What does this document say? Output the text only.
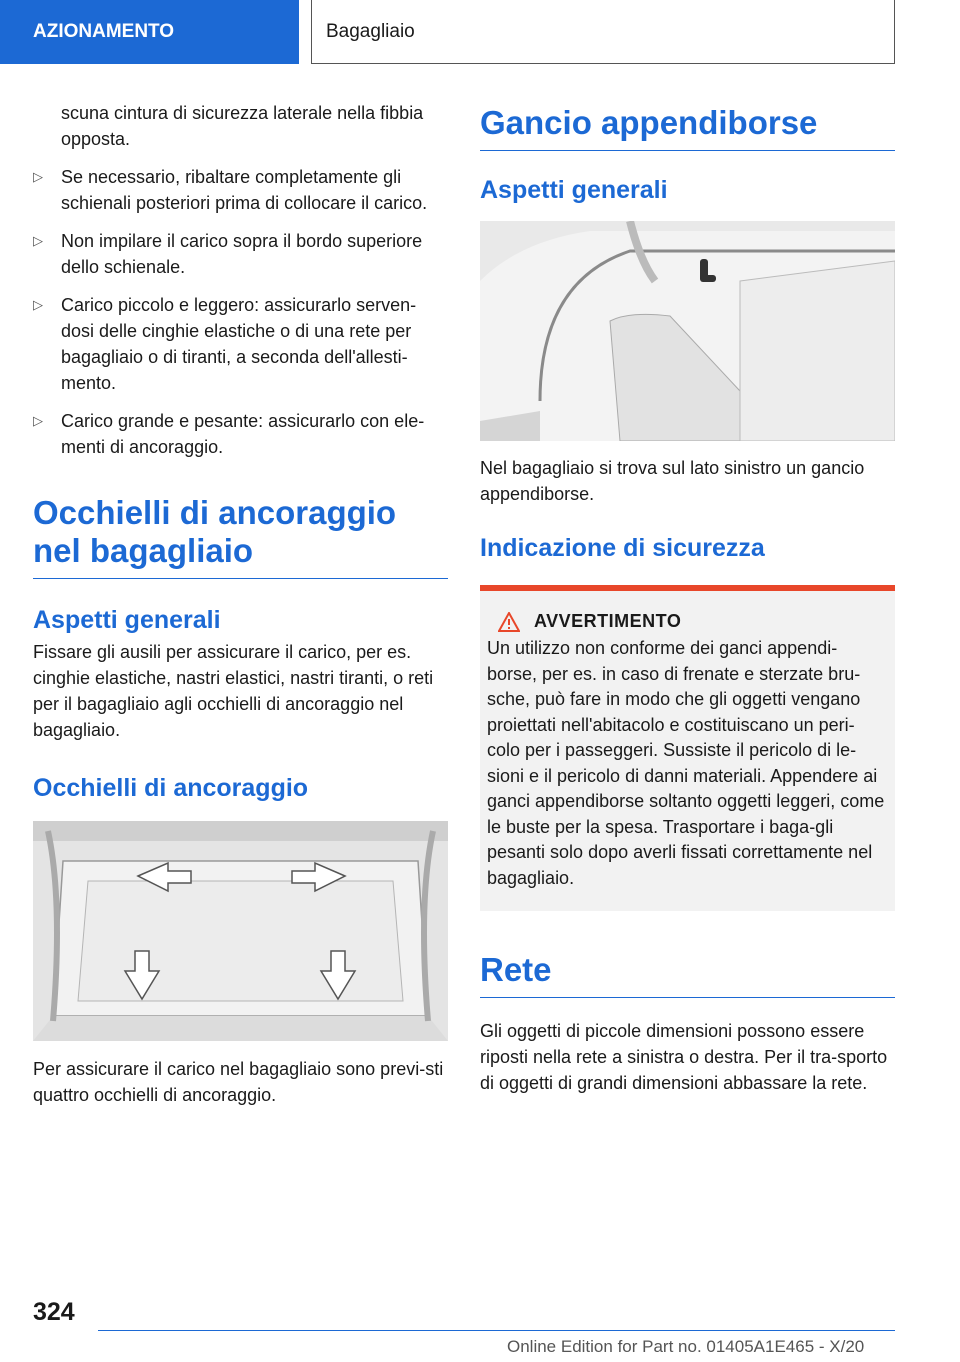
AZIONAMENTO	Bagagliaio

scuna cintura di sicurezza laterale nella fibbia opposta.

▷ Se necessario, ribaltare completamente gli schienali posteriori prima di collocare il carico.
▷ Non impilare il carico sopra il bordo superiore dello schienale.
▷ Carico piccolo e leggero: assicurarlo serven-dosi delle cinghie elastiche o di una rete per bagagliaio o di tiranti, a seconda dell'allesti-mento.
▷ Carico grande e pesante: assicurarlo con ele-menti di ancoraggio.
Occhielli di ancoraggio nel bagagliaio
Aspetti generali

Fissare gli ausili per assicurare il carico, per es. cinghie elastiche, nastri elastici, nastri tiranti, o reti per il bagagliaio agli occhielli di ancoraggio nel bagagliaio.

Occhielli di ancoraggio

Per assicurare il carico nel bagagliaio sono previ-sti quattro occhielli di ancoraggio.

Gancio appendiborse
Aspetti generali

Nel bagagliaio si trova sul lato sinistro un gancio appendiborse.

Indicazione di sicurezza
AVVERTIMENTO

Un utilizzo non conforme dei ganci appendi-borse, per es. in caso di frenate e sterzate bru-sche, può fare in modo che gli oggetti vengano proiettati nell'abitacolo e costituiscano un peri-colo per i passeggeri. Sussiste il pericolo di le-sioni e il pericolo di danni materiali. Appendere ai ganci appendiborse soltanto oggetti leggeri, come le buste per la spesa. Trasportare i baga-gli pesanti solo dopo averli fissati correttamente nel bagagliaio.

Rete

Gli oggetti di piccole dimensioni possono essere riposti nella rete a sinistra o destra. Per il tra-sporto di oggetti di grandi dimensioni abbassare la rete.

324
Online Edition for Part no. 01405A1E465 - X/20
